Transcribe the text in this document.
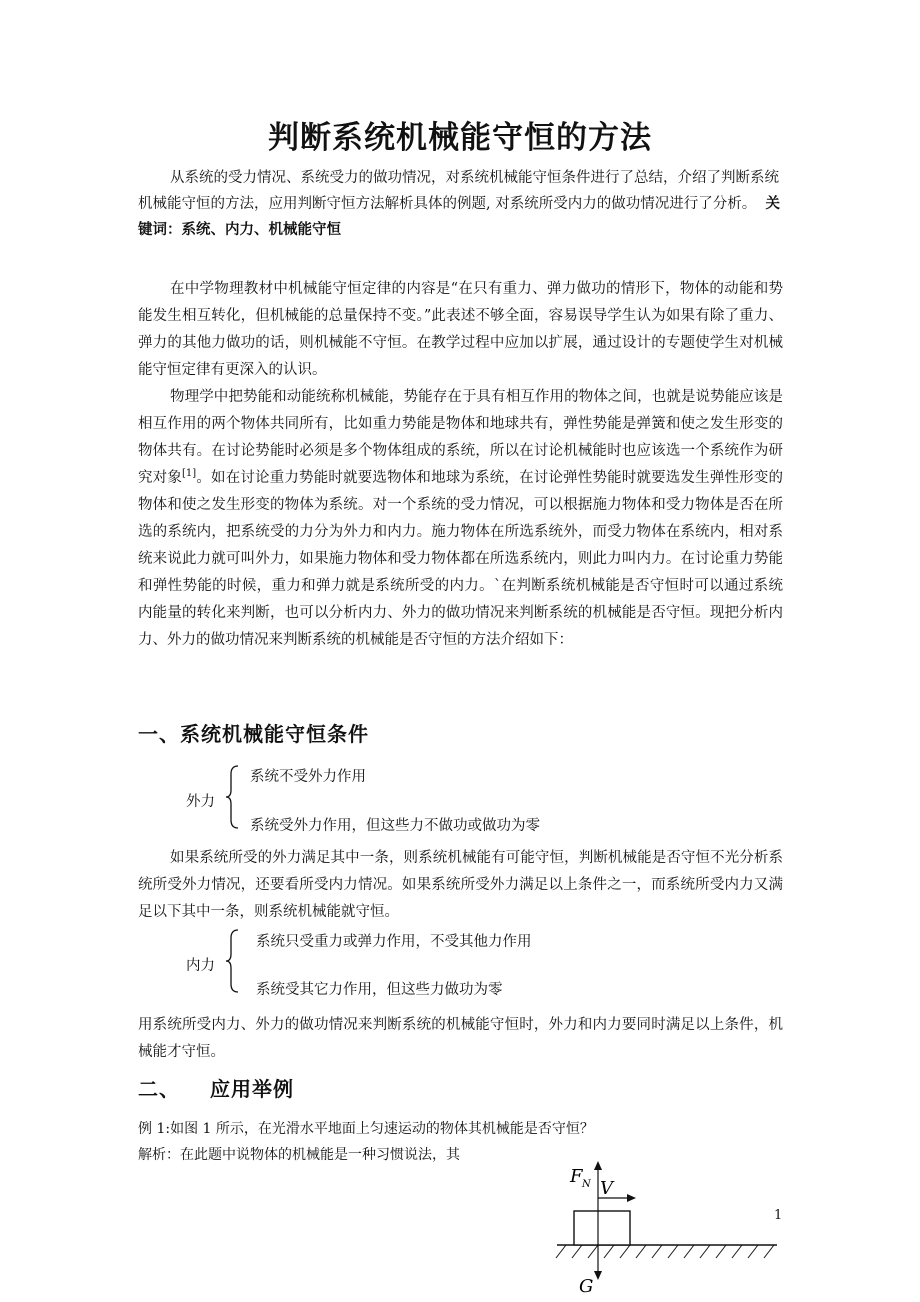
判断系统机械能守恒的方法

从系统的受力情况、系统受力的做功情况，对系统机械能守恒条件进行了总结，介绍了判断系统机械能守恒的方法，应用判断守恒方法解析具体的例题, 对系统所受内力的做功情况进行了分析。 关键词：系统、内力、机械能守恒

在中学物理教材中机械能守恒定律的内容是“在只有重力、弹力做功的情形下，物体的动能和势能发生相互转化，但机械能的总量保持不变。”此表述不够全面，容易误导学生认为如果有除了重力、弹力的其他力做功的话，则机械能不守恒。在教学过程中应加以扩展，通过设计的专题使学生对机械能守恒定律有更深入的认识。

物理学中把势能和动能统称机械能，势能存在于具有相互作用的物体之间，也就是说势能应该是相互作用的两个物体共同所有，比如重力势能是物体和地球共有，弹性势能是弹簧和使之发生形变的物体共有。在讨论势能时必须是多个物体组成的系统，所以在讨论机械能时也应该选一个系统作为研究对象[1]。如在讨论重力势能时就要选物体和地球为系统，在讨论弹性势能时就要选发生弹性形变的物体和使之发生形变的物体为系统。对一个系统的受力情况，可以根据施力物体和受力物体是否在所选的系统内，把系统受的力分为外力和内力。施力物体在所选系统外，而受力物体在系统内，相对系统来说此力就可叫外力，如果施力物体和受力物体都在所选系统内，则此力叫内力。在讨论重力势能和弹性势能的时候，重力和弹力就是系统所受的内力。`在判断系统机械能是否守恒时可以通过系统内能量的转化来判断，也可以分析内力、外力的做功情况来判断系统的机械能是否守恒。现把分析内力、外力的做功情况来判断系统的机械能是否守恒的方法介绍如下：

一、系统机械能守恒条件
外力
系统不受外力作用
系统受外力作用，但这些力不做功或做功为零

如果系统所受的外力满足其中一条，则系统机械能有可能守恒，判断机械能是否守恒不光分析系统所受外力情况，还要看所受内力情况。如果系统所受外力满足以上条件之一，而系统所受内力又满足以下其中一条，则系统机械能就守恒。

内力
系统只受重力或弹力作用，不受其他力作用
系统受其它力作用，但这些力做功为零

用系统所受内力、外力的做功情况来判断系统的机械能守恒时，外力和内力要同时满足以上条件，机械能才守恒。

二、 应用举例

例 1:如图 1 所示，在光滑水平地面上匀速运动的物体其机械能是否守恒？

解析：在此题中说物体的机械能是一种习惯说法，其

F N V
G
1
